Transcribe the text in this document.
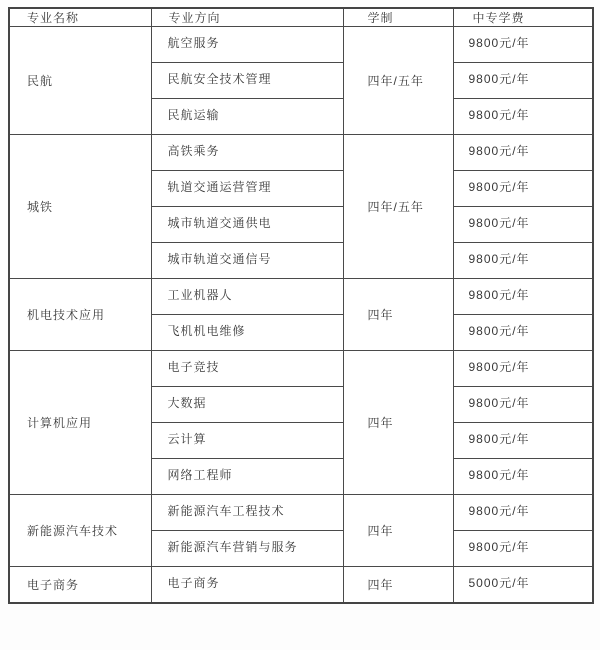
专业名称	专业方向	学制	中专学费
民航	航空服务	四年/五年	9800元/年
	民航安全技术管理		9800元/年
	民航运输		9800元/年
城铁	高铁乘务	四年/五年	9800元/年
	轨道交通运营管理		9800元/年
	城市轨道交通供电		9800元/年
	城市轨道交通信号		9800元/年
机电技术应用	工业机器人	四年	9800元/年
	飞机机电维修		9800元/年
计算机应用	电子竞技	四年	9800元/年
	大数据		9800元/年
	云计算		9800元/年
	网络工程师		9800元/年
新能源汽车技术	新能源汽车工程技术	四年	9800元/年
	新能源汽车营销与服务		9800元/年
电子商务	电子商务	四年	5000元/年
